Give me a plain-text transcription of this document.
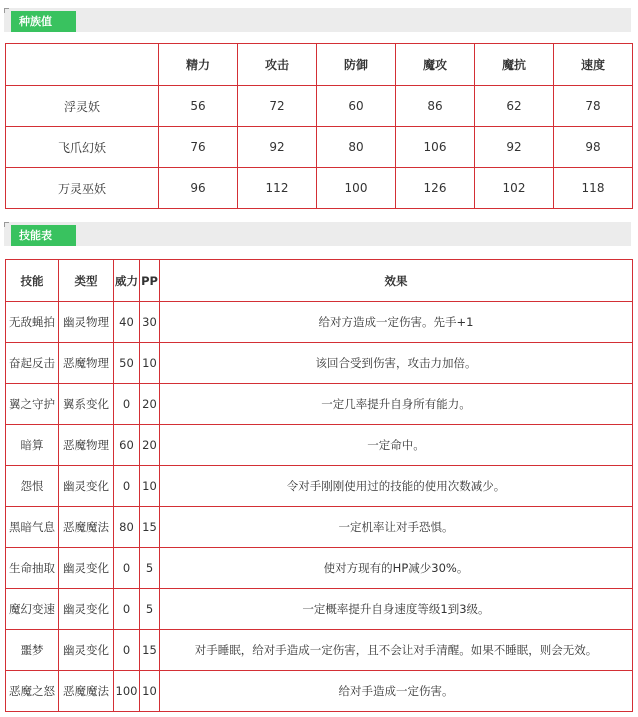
种族值
	精力	攻击	防御	魔攻	魔抗	速度
浮灵妖	56	72	60	86	62	78
飞爪幻妖	76	92	80	106	92	98
万灵巫妖	96	112	100	126	102	118
技能表
技能	类型	威力	PP	效果
无敌蝇拍	幽灵物理	40	30	给对方造成一定伤害。先手+1
奋起反击	恶魔物理	50	10	该回合受到伤害，攻击力加倍。
翼之守护	翼系变化	0	20	一定几率提升自身所有能力。
暗算	恶魔物理	60	20	一定命中。
怨恨	幽灵变化	0	10	令对手刚刚使用过的技能的使用次数减少。
黑暗气息	恶魔魔法	80	15	一定机率让对手恐惧。
生命抽取	幽灵变化	0	5	使对方现有的HP减少30%。
魔幻变速	幽灵变化	0	5	一定概率提升自身速度等级1到3级。
噩梦	幽灵变化	0	15	对手睡眠，给对手造成一定伤害，且不会让对手清醒。如果不睡眠，则会无效。
恶魔之怒	恶魔魔法	100	10	给对手造成一定伤害。
